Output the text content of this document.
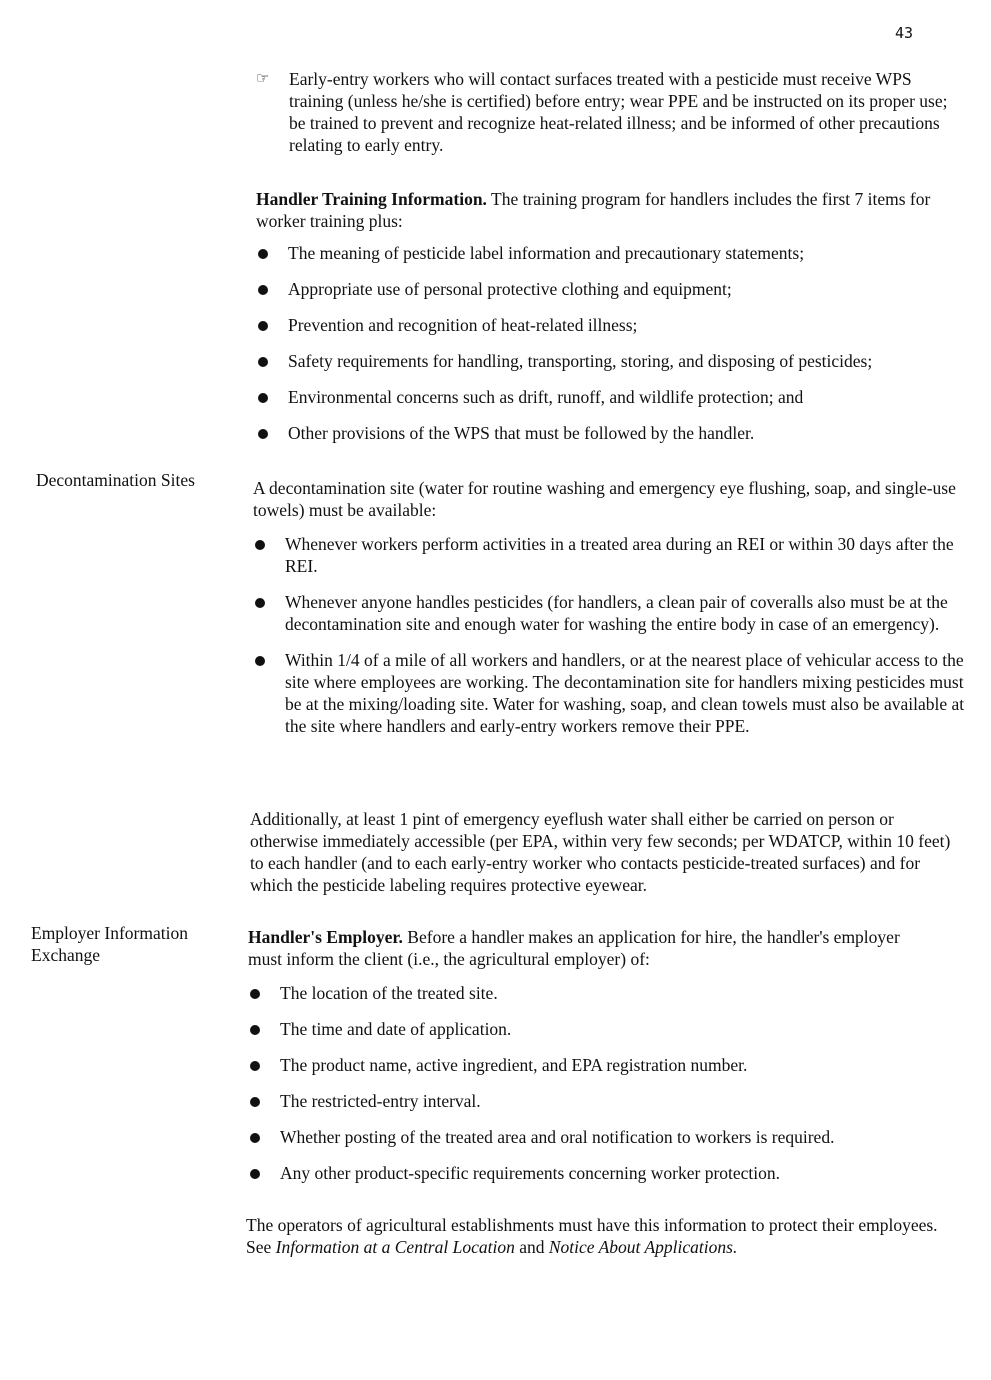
43
☞	Early-entry workers who will contact surfaces treated with a pesticide must receive WPS training (unless he/she is certified) before entry; wear PPE and be instructed on its proper use; be trained to prevent and recognize heat-related illness; and be informed of other precautions relating to early entry.

Handler Training Information. The training program for handlers includes the first 7 items for worker training plus:

The meaning of pesticide label information and precautionary statements;
Appropriate use of personal protective clothing and equipment;
Prevention and recognition of heat-related illness;
Safety requirements for handling, transporting, storing, and disposing of pesticides;
Environmental concerns such as drift, runoff, and wildlife protection; and
Other provisions of the WPS that must be followed by the handler.
Decontamination Sites	A decontamination site (water for routine washing and emergency eye flushing, soap, and single-use towels) must be available:

Whenever workers perform activities in a treated area during an REI or within 30 days after the REI.
Whenever anyone handles pesticides (for handlers, a clean pair of coveralls also must be at the decontamination site and enough water for washing the entire body in case of an emergency).
Within 1/4 of a mile of all workers and handlers, or at the nearest place of vehicular access to the site where employees are working. The decontamination site for handlers mixing pesticides must be at the mixing/loading site. Water for washing, soap, and clean towels must also be available at the site where handlers and early-entry workers remove their PPE.

Additionally, at least 1 pint of emergency eyeflush water shall either be carried on person or otherwise immediately accessible (per EPA, within very few seconds; per WDATCP, within 10 feet) to each handler (and to each early-entry worker who contacts pesticide-treated surfaces) and for which the pesticide labeling requires protective eyewear.

Employer Information
Exchange

Handler's Employer. Before a handler makes an application for hire, the handler's employer must inform the client (i.e., the agricultural employer) of:

The location of the treated site.
The time and date of application.
The product name, active ingredient, and EPA registration number.
The restricted-entry interval.
Whether posting of the treated area and oral notification to workers is required.
Any other product-specific requirements concerning worker protection.

The operators of agricultural establishments must have this information to protect their employees. See Information at a Central Location and Notice About Applications.
